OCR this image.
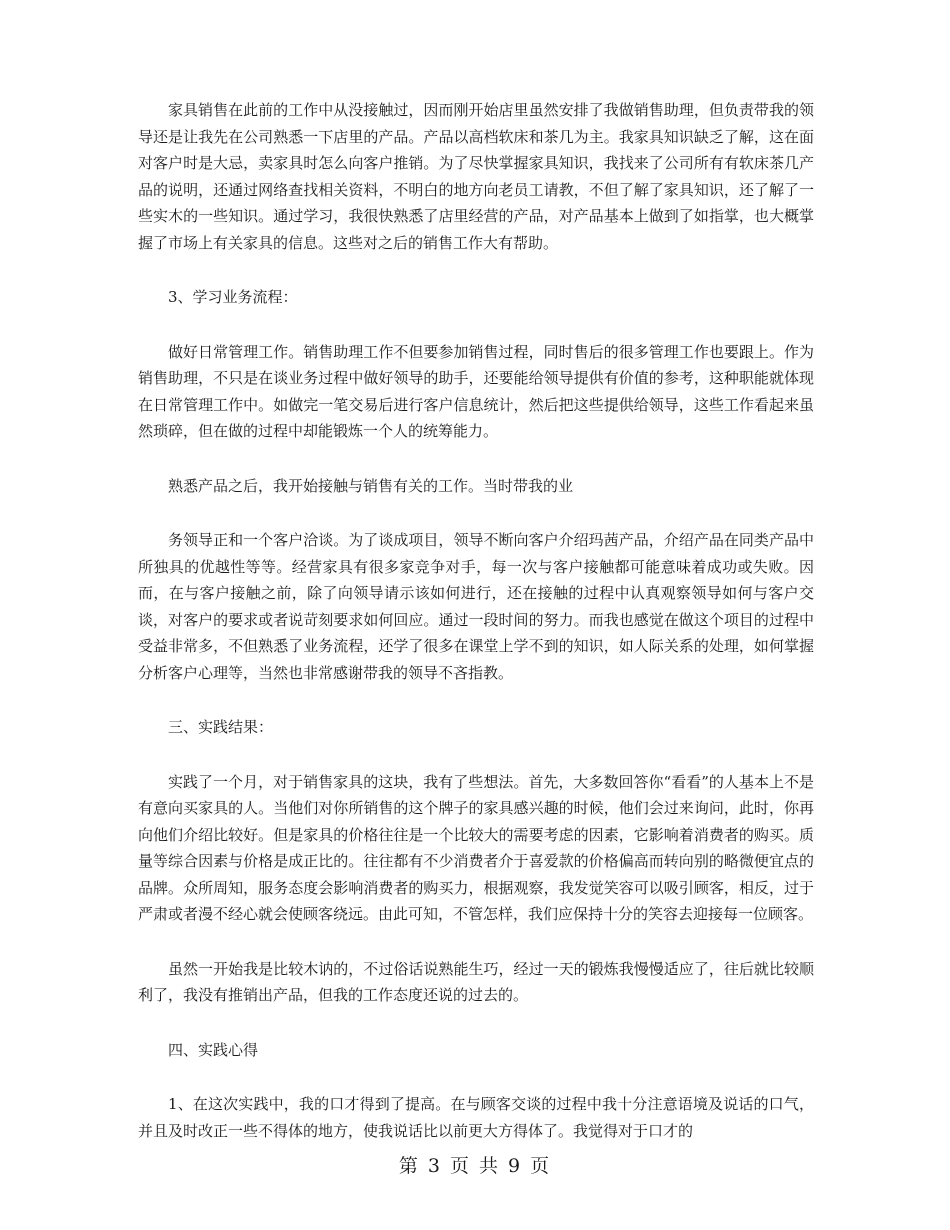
家具销售在此前的工作中从没接触过，因而刚开始店里虽然安排了我做销售助理，但负责带我的领导还是让我先在公司熟悉一下店里的产品。产品以高档软床和茶几为主。我家具知识缺乏了解，这在面对客户时是大忌，卖家具时怎么向客户推销。为了尽快掌握家具知识，我找来了公司所有有软床茶几产品的说明，还通过网络查找相关资料，不明白的地方向老员工请教，不但了解了家具知识，还了解了一些实木的一些知识。通过学习，我很快熟悉了店里经营的产品，对产品基本上做到了如指掌，也大概掌握了市场上有关家具的信息。这些对之后的销售工作大有帮助。

3、学习业务流程：

做好日常管理工作。销售助理工作不但要参加销售过程，同时售后的很多管理工作也要跟上。作为销售助理，不只是在谈业务过程中做好领导的助手，还要能给领导提供有价值的参考，这种职能就体现在日常管理工作中。如做完一笔交易后进行客户信息统计，然后把这些提供给领导，这些工作看起来虽然琐碎，但在做的过程中却能锻炼一个人的统筹能力。

熟悉产品之后，我开始接触与销售有关的工作。当时带我的业

务领导正和一个客户洽谈。为了谈成项目，领导不断向客户介绍玛茜产品，介绍产品在同类产品中所独具的优越性等等。经营家具有很多家竞争对手，每一次与客户接触都可能意味着成功或失败。因而，在与客户接触之前，除了向领导请示该如何进行，还在接触的过程中认真观察领导如何与客户交谈，对客户的要求或者说苛刻要求如何回应。通过一段时间的努力。而我也感觉在做这个项目的过程中受益非常多，不但熟悉了业务流程，还学了很多在课堂上学不到的知识，如人际关系的处理，如何掌握分析客户心理等，当然也非常感谢带我的领导不吝指教。

三、实践结果：

实践了一个月，对于销售家具的这块，我有了些想法。首先，大多数回答你“看看”的人基本上不是有意向买家具的人。当他们对你所销售的这个牌子的家具感兴趣的时候，他们会过来询问，此时，你再向他们介绍比较好。但是家具的价格往往是一个比较大的需要考虑的因素，它影响着消费者的购买。质量等综合因素与价格是成正比的。往往都有不少消费者介于喜爱款的价格偏高而转向别的略微便宜点的品牌。众所周知，服务态度会影响消费者的购买力，根据观察，我发觉笑容可以吸引顾客，相反，过于严肃或者漫不经心就会使顾客绕远。由此可知，不管怎样，我们应保持十分的笑容去迎接每一位顾客。

虽然一开始我是比较木讷的，不过俗话说熟能生巧，经过一天的锻炼我慢慢适应了，往后就比较顺利了，我没有推销出产品，但我的工作态度还说的过去的。

四、实践心得

1、在这次实践中，我的口才得到了提高。在与顾客交谈的过程中我十分注意语境及说话的口气，并且及时改正一些不得体的地方，使我说话比以前更大方得体了。我觉得对于口才的

第 3 页 共 9 页
